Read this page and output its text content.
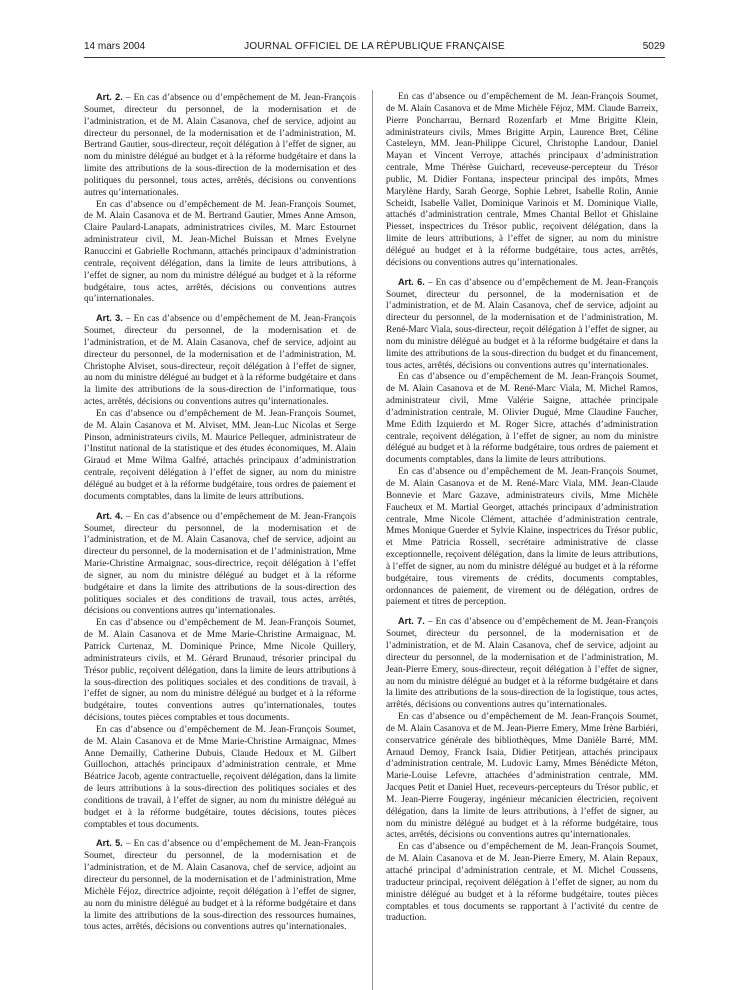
14 mars 2004	JOURNAL OFFICIEL DE LA RÉPUBLIQUE FRANÇAISE	5029

Art. 2. – En cas d’absence ou d’empêchement de M. Jean-François Soumet, directeur du personnel, de la modernisation et de l’administration, et de M. Alain Casanova, chef de service, adjoint au directeur du personnel, de la modernisation et de l’administration, M. Bertrand Gautier, sous-directeur, reçoit délégation à l’effet de signer, au nom du ministre délégué au budget et à la réforme budgétaire et dans la limite des attributions de la sous-direction de la modernisation et des politiques du personnel, tous actes, arrêtés, décisions ou conventions autres qu’internationales.

En cas d’absence ou d’empêchement de M. Jean-François Soumet, de M. Alain Casanova et de M. Bertrand Gautier, Mmes Anne Amson, Claire Paulard-Lanapats, administratrices civiles, M. Marc Estournet administrateur civil, M. Jean-Michel Buissan et Mmes Evelyne Ranuccini et Gabrielle Rochmann, attachés principaux d’administration centrale, reçoivent délégation, dans la limite de leurs attributions, à l’effet de signer, au nom du ministre délégué au budget et à la réforme budgétaire, tous actes, arrêtés, décisions ou conventions autres qu’internationales.

Art. 3. – En cas d’absence ou d’empêchement de M. Jean-François Soumet, directeur du personnel, de la modernisation et de l’administration, et de M. Alain Casanova, chef de service, adjoint au directeur du personnel, de la modernisation et de l’administration, M. Christophe Alviset, sous-directeur, reçoit délégation à l’effet de signer, au nom du ministre délégué au budget et à la réforme budgétaire et dans la limite des attributions de la sous-direction de l’informatique, tous actes, arrêtés, décisions ou conventions autres qu’internationales.

En cas d’absence ou d’empêchement de M. Jean-François Soumet, de M. Alain Casanova et M. Alviset, MM. Jean-Luc Nicolas et Serge Pinson, administrateurs civils, M. Maurice Pellequer, administrateur de l’Institut national de la statistique et des études économiques, M. Alain Giraud et Mme Wilma Galfré, attachés principaux d’administration centrale, reçoivent délégation à l’effet de signer, au nom du ministre délégué au budget et à la réforme budgétaire, tous ordres de paiement et documents comptables, dans la limite de leurs attributions.

Art. 4. – En cas d’absence ou d’empêchement de M. Jean-François Soumet, directeur du personnel, de la modernisation et de l’administration, et de M. Alain Casanova, chef de service, adjoint au directeur du personnel, de la modernisation et de l’administration, Mme Marie-Christine Armaignac, sous-directrice, reçoit délégation à l’effet de signer, au nom du ministre délégué au budget et à la réforme budgétaire et dans la limite des attributions de la sous-direction des politiques sociales et des conditions de travail, tous actes, arrêtés, décisions ou conventions autres qu’internationales.

En cas d’absence ou d’empêchement de M. Jean-François Soumet, de M. Alain Casanova et de Mme Marie-Christine Armaignac, M. Patrick Curtenaz, M. Dominique Prince, Mme Nicole Quillery, administrateurs civils, et M. Gérard Brunaud, trésorier principal du Trésor public, reçoivent délégation, dans la limite de leurs attributions à la sous-direction des politiques sociales et des conditions de travail, à l’effet de signer, au nom du ministre délégué au budget et à la réforme budgétaire, toutes conventions autres qu’internationales, toutes décisions, toutes pièces comptables et tous documents.

En cas d’absence ou d’empêchement de M. Jean-François Soumet, de M. Alain Casanova et de Mme Marie-Christine Armaignac, Mmes Anne Demailly, Catherine Dubuis, Claude Hedoux et M. Gilbert Guillochon, attachés principaux d’administration centrale, et Mme Béatrice Jacob, agente contractuelle, reçoivent délégation, dans la limite de leurs attributions à la sous-direction des politiques sociales et des conditions de travail, à l’effet de signer, au nom du ministre délégué au budget et à la réforme budgétaire, toutes décisions, toutes pièces comptables et tous documents.

Art. 5. – En cas d’absence ou d’empêchement de M. Jean-François Soumet, directeur du personnel, de la modernisation et de l’administration, et de M. Alain Casanova, chef de service, adjoint au directeur du personnel, de la modernisation et de l’administration, Mme Michèle Féjoz, directrice adjointe, reçoit délégation à l’effet de signer, au nom du ministre délégué au budget et à la réforme budgétaire et dans la limite des attributions de la sous-direction des ressources humaines, tous actes, arrêtés, décisions ou conventions autres qu’internationales.

En cas d’absence ou d’empêchement de M. Jean-François Soumet, de M. Alain Casanova et de Mme Michèle Féjoz, MM. Claude Barreix, Pierre Poncharrau, Bernard Rozenfarb et Mme Brigitte Klein, administrateurs civils, Mmes Brigitte Arpin, Laurence Bret, Céline Casteleyn, MM. Jean-Philippe Cicurel, Christophe Landour, Daniel Mayan et Vincent Verroye, attachés principaux d’administration centrale, Mme Thérèse Guichard, receveuse-percepteur du Trésor public, M. Didier Fontana, inspecteur principal des impôts, Mmes Marylène Hardy, Sarah George, Sophie Lebret, Isabelle Rolin, Annie Scheidt, Isabelle Vallet, Dominique Varinois et M. Dominique Vialle, attachés d’administration centrale, Mmes Chantal Bellot et Ghislaine Piesset, inspectrices du Trésor public, reçoivent délégation, dans la limite de leurs attributions, à l’effet de signer, au nom du ministre délégué au budget et à la réforme budgétaire, tous actes, arrêtés, décisions ou conventions autres qu’internationales.

Art. 6. – En cas d’absence ou d’empêchement de M. Jean-François Soumet, directeur du personnel, de la modernisation et de l’administration, et de M. Alain Casanova, chef de service, adjoint au directeur du personnel, de la modernisation et de l’administration, M. René-Marc Viala, sous-directeur, reçoit délégation à l’effet de signer, au nom du ministre délégué au budget et à la réforme budgétaire et dans la limite des attributions de la sous-direction du budget et du financement, tous actes, arrêtés, décisions ou conventions autres qu’internationales.

En cas d’absence ou d’empêchement de M. Jean-François Soumet, de M. Alain Casanova et de M. René-Marc Viala, M. Michel Ramos, administrateur civil, Mme Valérie Saigne, attachée principale d’administration centrale, M. Olivier Dugué, Mme Claudine Faucher, Mme Edith Izquierdo et M. Roger Sicre, attachés d’administration centrale, reçoivent délégation, à l’effet de signer, au nom du ministre délégué au budget et à la réforme budgétaire, tous ordres de paiement et documents comptables, dans la limite de leurs attributions.

En cas d’absence ou d’empêchement de M. Jean-François Soumet, de M. Alain Casanova et de M. René-Marc Viala, MM. Jean-Claude Bonnevie et Marc Gazave, administrateurs civils, Mme Michèle Faucheux et M. Martial Georget, attachés principaux d’administration centrale, Mme Nicole Clément, attachée d’administration centrale, Mmes Monique Guerder et Sylvie Klaine, inspectrices du Trésor public, et Mme Patricia Rossell, secrétaire administrative de classe exceptionnelle, reçoivent délégation, dans la limite de leurs attributions, à l’effet de signer, au nom du ministre délégué au budget et à la réforme budgétaire, tous virements de crédits, documents comptables, ordonnances de paiement, de virement ou de délégation, ordres de paiement et titres de perception.

Art. 7. – En cas d’absence ou d’empêchement de M. Jean-François Soumet, directeur du personnel, de la modernisation et de l’administration, et de M. Alain Casanova, chef de service, adjoint au directeur du personnel, de la modernisation et de l’administration, M. Jean-Pierre Emery, sous-directeur, reçoit délégation à l’effet de signer, au nom du ministre délégué au budget et à la réforme budgétaire et dans la limite des attributions de la sous-direction de la logistique, tous actes, arrêtés, décisions ou conventions autres qu’internationales.

En cas d’absence ou d’empêchement de M. Jean-François Soumet, de M. Alain Casanova et de M. Jean-Pierre Emery, Mme Irène Barbiéri, conservatrice générale des bibliothèques, Mme Danièle Barré, MM. Arnaud Demoy, Franck Isaia, Didier Petitjean, attachés principaux d’administration centrale, M. Ludovic Lamy, Mmes Bénédicte Méton, Marie-Louise Lefevre, attachées d’administration centrale, MM. Jacques Petit et Daniel Huet, receveurs-percepteurs du Trésor public, et M. Jean-Pierre Fougeray, ingénieur mécanicien électricien, reçoivent délégation, dans la limite de leurs attributions, à l’effet de signer, au nom du ministre délégué au budget et à la réforme budgétaire, tous actes, arrêtés, décisions ou conventions autres qu’internationales.

En cas d’absence ou d’empêchement de M. Jean-François Soumet, de M. Alain Casanova et de M. Jean-Pierre Emery, M. Alain Repaux, attaché principal d’administration centrale, et M. Michel Coussens, traducteur principal, reçoivent délégation à l’effet de signer, au nom du ministre délégué au budget et à la réforme budgétaire, toutes pièces comptables et tous documents se rapportant à l’activité du centre de traduction.
